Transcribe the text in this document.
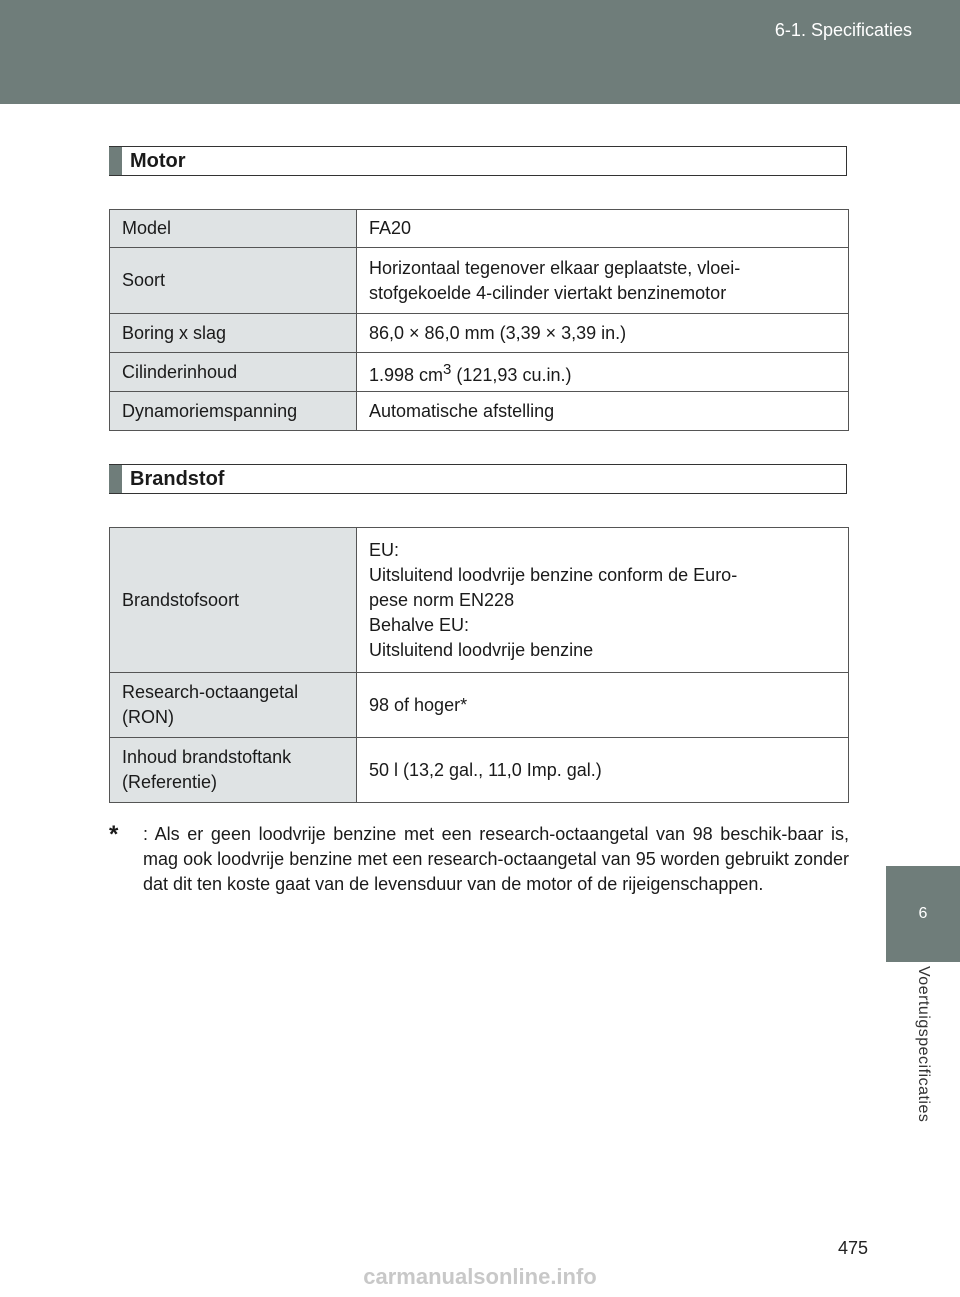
6-1. Specificaties
6
Voertuigspecificaties
Motor
Model	FA20
Soort	Horizontaal tegenover elkaar geplaatste, vloei-
stofgekoelde 4-cilinder viertakt benzinemotor

Boring x slag	86,0 × 86,0 mm (3,39 × 3,39 in.)
Cilinderinhoud	1.998 $cm^3$ (121,93 cu.in.)
Dynamoriemspanning	Automatische afstelling
Brandstof
Brandstofsoort	EU:
Uitsluitend loodvrije benzine conform de Euro-
pese norm EN228
Behalve EU:
Uitsluitend loodvrije benzine

Research-octaangetal
(RON)	98 of hoger*

Inhoud brandstoftank
(Referentie)	50 l (13,2 gal., 11,0 Imp. gal.)
* : Als er geen loodvrije benzine met een research-octaangetal van 98 beschik-baar is, mag ook loodvrije benzine met een research-octaangetal van 95 worden gebruikt zonder dat dit ten koste gaat van de levensduur van de motor of de rijeigenschappen.
475
carmanualsonline.info
